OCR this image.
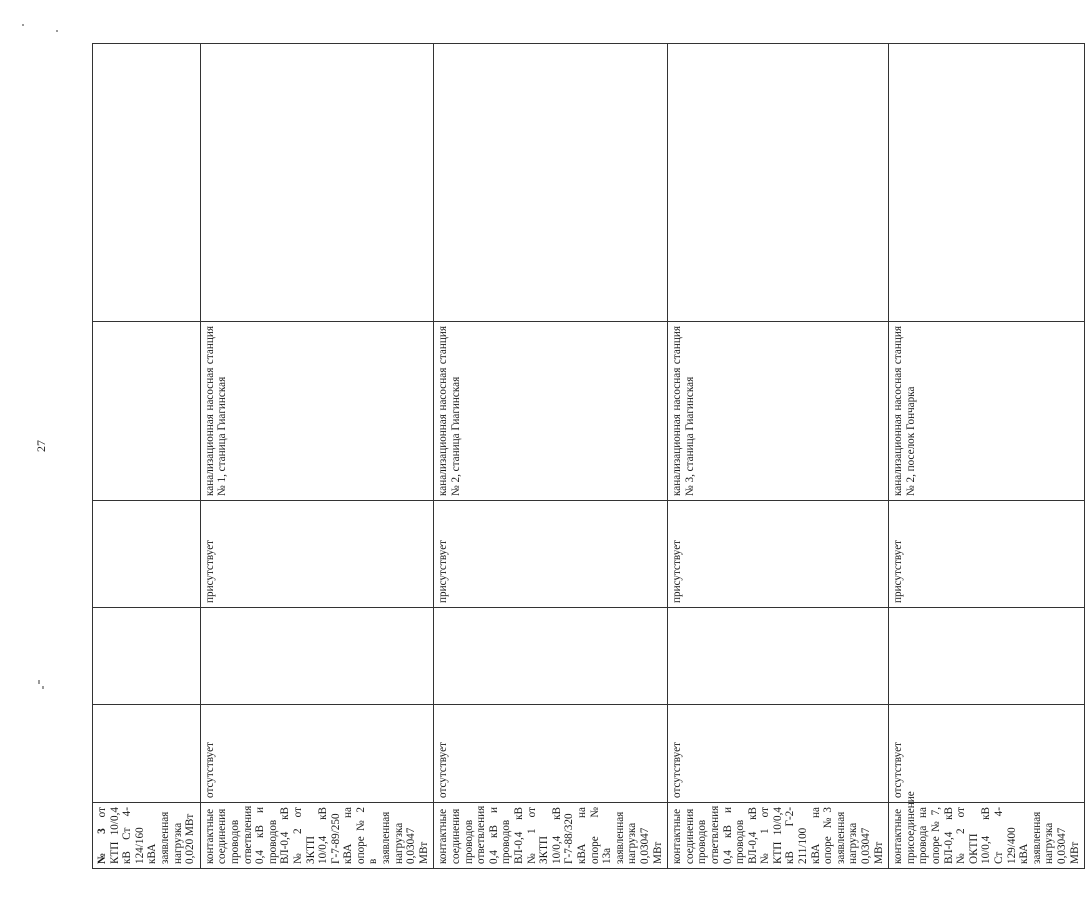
27
№ 3 от КТП 10/0,4 кВ Ст 4-124/160 кВА заявленная нагрузка 0,020 МВт					
контактные соединения проводов ответвления 0,4 кВ и проводов ВЛ-0,4 кВ № 2 от ЗКТП 10/0,4 кВ Г-7-89/250 кВА на опоре № 2 в заявленная нагрузка 0,03047 МВт	отсутствует		присутствует	канализационная насосная станция № 1, станица Гиагинская	
контактные соединения проводов ответвления 0,4 кВ и проводов ВЛ-0,4 кВ № 1 от ЗКТП 10/0,4 кВ Г-7-88/320 кВА на опоре № 13а заявленная нагрузка 0,03047 МВт	отсутствует		присутствует	канализационная насосная станция № 2, станица Гиагинская	
контактные соединения проводов ответвления 0,4 кВ и проводов ВЛ-0,4 кВ № 1 от КТП 10/0,4 кВ Г-2-211/100 кВА на опоре №3 заявленная нагрузка 0,03047 МВт	отсутствует		присутствует	канализационная насосная станция № 3, станица Гиагинская	
контактные присоединение провода на опоре № 7, ВЛ-0,4 кВ № 2 от ОКТП 10/0,4 кВ Ст 4-129/400 кВА заявленная нагрузка 0,03047 МВт	отсутствует		присутствует	канализационная насосная станция № 2, поселок Гончарка	
